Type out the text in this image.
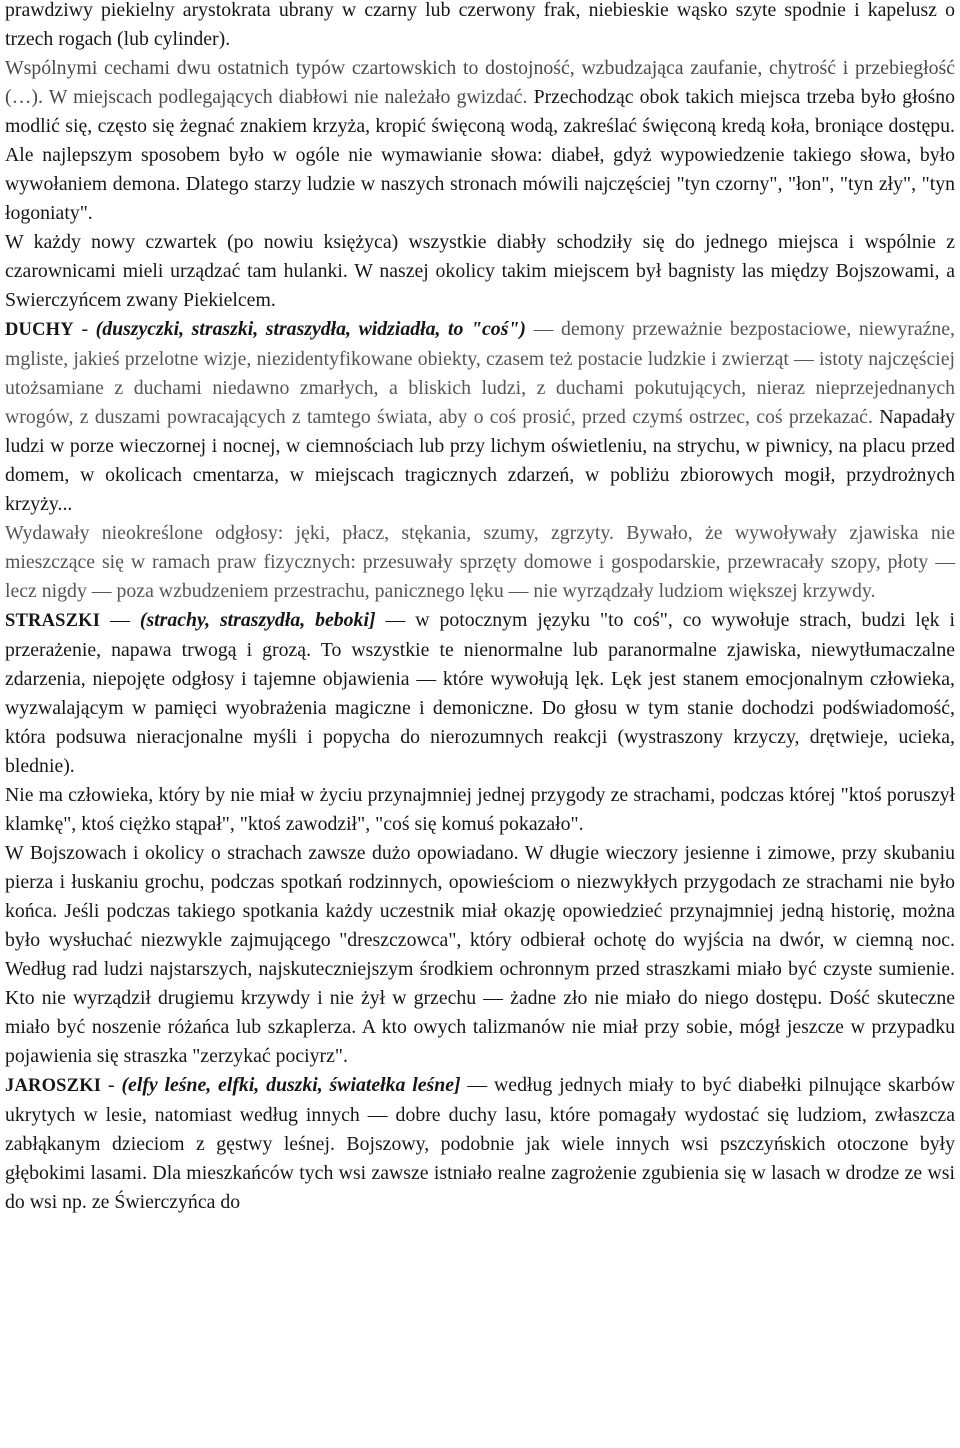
prawdziwy piekielny arystokrata ubrany w czarny lub czerwony frak, niebieskie wąsko szyte spodnie i kapelusz o trzech rogach (lub cylinder).

Wspólnymi cechami dwu ostatnich typów czartowskich to dostojność, wzbudzająca zaufanie, chytrość i przebiegłość (…). W miejscach podlegających diabłowi nie należało gwizdać. Przechodząc obok takich miejsca trzeba było głośno modlić się, często się żegnać znakiem krzyża, kropić święconą wodą, zakreślać święconą kredą koła, broniące dostępu. Ale najlepszym sposobem było w ogóle nie wymawianie słowa: diabeł, gdyż wypowiedzenie takiego słowa, było wywołaniem demona. Dlatego starzy ludzie w naszych stronach mówili najczęściej "tyn czorny", "łon", "tyn zły", "tyn łogoniaty".

W każdy nowy czwartek (po nowiu księżyca) wszystkie diabły schodziły się do jednego miejsca i wspólnie z czarownicami mieli urządzać tam hulanki. W naszej okolicy takim miejscem był bagnisty las między Bojszowami, a Swierczyńcem zwany Piekielcem.

DUCHY - (duszyczki, straszki, straszydła, widziadła, to "coś") — demony przeważnie bezpostaciowe, niewyraźne, mgliste, jakieś przelotne wizje, niezidentyfikowane obiekty, czasem też postacie ludzkie i zwierząt — istoty najczęściej utożsamiane z duchami niedawno zmarłych, a bliskich ludzi, z duchami pokutujących, nieraz nieprzejednanych wrogów, z duszami powracających z tamtego świata, aby o coś prosić, przed czymś ostrzec, coś przekazać. Napadały ludzi w porze wieczornej i nocnej, w ciemnościach lub przy lichym oświetleniu, na strychu, w piwnicy, na placu przed domem, w okolicach cmentarza, w miejscach tragicznych zdarzeń, w pobliżu zbiorowych mogił, przydrożnych krzyży...

Wydawały nieokreślone odgłosy: jęki, płacz, stękania, szumy, zgrzyty. Bywało, że wywoływały zjawiska nie mieszczące się w ramach praw fizycznych: przesuwały sprzęty domowe i gospodarskie, przewracały szopy, płoty — lecz nigdy — poza wzbudzeniem przestrachu, panicznego lęku — nie wyrządzały ludziom większej krzywdy.

STRASZKI — (strachy, straszydła, beboki] — w potocznym języku "to coś", co wywołuje strach, budzi lęk i przerażenie, napawa trwogą i grozą. To wszystkie te nienormalne lub paranormalne zjawiska, niewytłumaczalne zdarzenia, niepojęte odgłosy i tajemne objawienia — które wywołują lęk. Lęk jest stanem emocjonalnym człowieka, wyzwalającym w pamięci wyobrażenia magiczne i demoniczne. Do głosu w tym stanie dochodzi podświadomość, która podsuwa nieracjonalne myśli i popycha do nierozumnych reakcji (wystraszony krzyczy, drętwieje, ucieka, blednie).

Nie ma człowieka, który by nie miał w życiu przynajmniej jednej przygody ze strachami, podczas której "ktoś poruszył klamkę", ktoś ciężko stąpał", "ktoś zawodził", "coś się komuś pokazało".

W Bojszowach i okolicy o strachach zawsze dużo opowiadano. W długie wieczory jesienne i zimowe, przy skubaniu pierza i łuskaniu grochu, podczas spotkań rodzinnych, opowieściom o niezwykłych przygodach ze strachami nie było końca. Jeśli podczas takiego spotkania każdy uczestnik miał okazję opowiedzieć przynajmniej jedną historię, można było wysłuchać niezwykle zajmującego "dreszczowca", który odbierał ochotę do wyjścia na dwór, w ciemną noc. Według rad ludzi najstarszych, najskuteczniejszym środkiem ochronnym przed straszkami miało być czyste sumienie. Kto nie wyrządził drugiemu krzywdy i nie żył w grzechu — żadne zło nie miało do niego dostępu. Dość skuteczne miało być noszenie różańca lub szkaplerza. A kto owych talizmanów nie miał przy sobie, mógł jeszcze w przypadku pojawienia się straszka "zerzykać pociyrz".

JAROSZKI - (elfy leśne, elfki, duszki, światełka leśne] — według jednych miały to być diabełki pilnujące skarbów ukrytych w lesie, natomiast według innych — dobre duchy lasu, które pomagały wydostać się ludziom, zwłaszcza zabłąkanym dzieciom z gęstwy leśnej. Bojszowy, podobnie jak wiele innych wsi pszczyńskich otoczone były głębokimi lasami. Dla mieszkańców tych wsi zawsze istniało realne zagrożenie zgubienia się w lasach w drodze ze wsi do wsi np. ze Świerczyńca do
